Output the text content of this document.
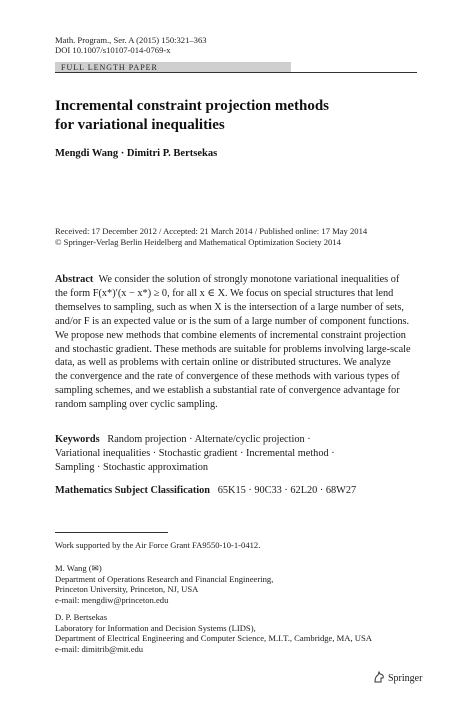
Math. Program., Ser. A (2015) 150:321–363
DOI 10.1007/s10107-014-0769-x
FULL LENGTH PAPER
Incremental constraint projection methods
for variational inequalities
Mengdi Wang · Dimitri P. Bertsekas
Received: 17 December 2012 / Accepted: 21 March 2014 / Published online: 17 May 2014
© Springer-Verlag Berlin Heidelberg and Mathematical Optimization Society 2014
Abstract We consider the solution of strongly monotone variational inequalities of
the form F(x*)′(x − x*) ≥ 0, for all x ∈ X. We focus on special structures that lend
themselves to sampling, such as when X is the intersection of a large number of sets,
and/or F is an expected value or is the sum of a large number of component functions.
We propose new methods that combine elements of incremental constraint projection
and stochastic gradient. These methods are suitable for problems involving large-scale
data, as well as problems with certain online or distributed structures. We analyze
the convergence and the rate of convergence of these methods with various types of
sampling schemes, and we establish a substantial rate of convergence advantage for
random sampling over cyclic sampling.
Keywords Random projection · Alternate/cyclic projection ·
Variational inequalities · Stochastic gradient · Incremental method ·
Sampling · Stochastic approximation
Mathematics Subject Classification 65K15 · 90C33 · 62L20 · 68W27
Work supported by the Air Force Grant FA9550-10-1-0412.
M. Wang (✉)
Department of Operations Research and Financial Engineering,
Princeton University, Princeton, NJ, USA
e-mail: mengdiw@princeton.edu
D. P. Bertsekas
Laboratory for Information and Decision Systems (LIDS),
Department of Electrical Engineering and Computer Science, M.I.T., Cambridge, MA, USA
e-mail: dimitrib@mit.edu
Springer
